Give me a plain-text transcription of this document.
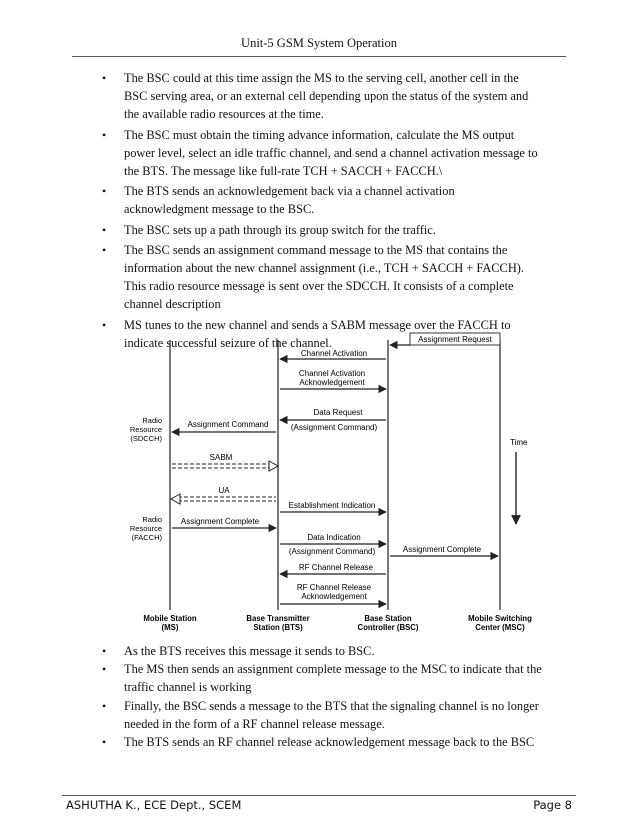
Unit-5 GSM System Operation
• The BSC could at this time assign the MS to the serving cell, another cell in the
BSC serving area, or an external cell depending upon the status of the system and
the available radio resources at the time.
• The BSC must obtain the timing advance information, calculate the MS output
power level, select an idle traffic channel, and send a channel activation message to
the BTS. The message like full-rate TCH + SACCH + FACCH.\
• The BTS sends an acknowledgement back via a channel activation
acknowledgment message to the BSC.
• The BSC sets up a path through its group switch for the traffic.
• The BSC sends an assignment command message to the MS that contains the
information about the new channel assignment (i.e., TCH + SACCH + FACCH).
This radio resource message is sent over the SDCCH. It consists of a complete
channel description
• MS tunes to the new channel and sends a SABM message over the FACCH to
indicate successful seizure of the channel.
Time
Assignment Request
Channel Activation
Channel Activation
Acknowledgement
Data Request
(Assignment Command)
Radio
Resource
(SDCCH)
Assignment Command
SABM
UA
Establishment Indication
Radio
Resource
(FACCH)
Assignment Complete
Data Indication
(Assignment Command)	Assignment Complete
RF Channel Release
RF Channel Release
Acknowledgement
Mobile Station
(MS)
Base Transmitter
Station (BTS)
Base Station
Controller (BSC)
Mobile Switching
Center (MSC)
• As the BTS receives this message it sends to BSC.
• The MS then sends an assignment complete message to the MSC to indicate that the
traffic channel is working
• Finally, the BSC sends a message to the BTS that the signaling channel is no longer
needed in the form of a RF channel release message.
• The BTS sends an RF channel release acknowledgement message back to the BSC
ASHUTHA K., ECE Dept., SCEM	Page 8
